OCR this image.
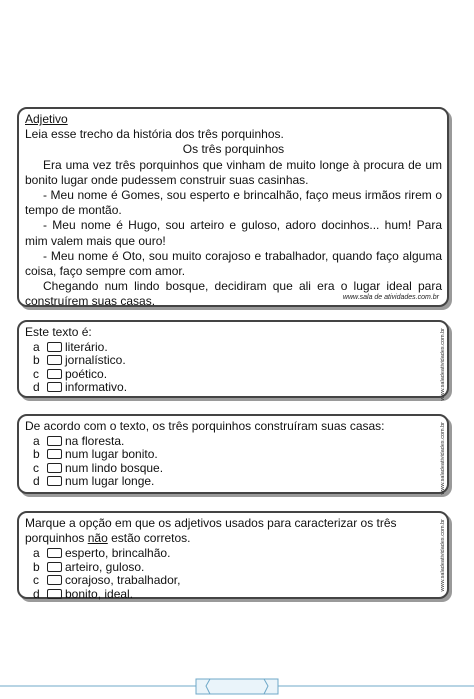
Adjetivo
Leia esse trecho da história dos três porquinhos.
Os três porquinhos
Era uma vez três porquinhos que vinham de muito longe à procura de um bonito lugar onde pudessem construir suas casinhas.
- Meu nome é Gomes, sou esperto e brincalhão, faço meus irmãos rirem o tempo de montão.
- Meu nome é Hugo, sou arteiro e guloso, adoro docinhos... hum! Para mim valem mais que ouro!
- Meu nome é Oto, sou muito corajoso e trabalhador, quando faço alguma coisa, faço sempre com amor.
Chegando num lindo bosque, decidiram que ali era o lugar ideal para construírem suas casas.	www.sala de atividades.com.br
Este texto é:
a	literário.
b	jornalístico.
c	poético.
d	informativo.	www.saladeatividades.com.br
De acordo com o texto, os três porquinhos construíram suas casas:
a	na floresta.
b	num lugar bonito.
c	num lindo bosque.
d	num lugar longe.	www.saladeatividades.com.br
Marque a opção em que os adjetivos usados para caracterizar os três
porquinhos não estão corretos.
a	esperto, brincalhão.
b	arteiro, guloso.
c	corajoso, trabalhador,
d	bonito, ideal.
www.saladeatividades.com.br
